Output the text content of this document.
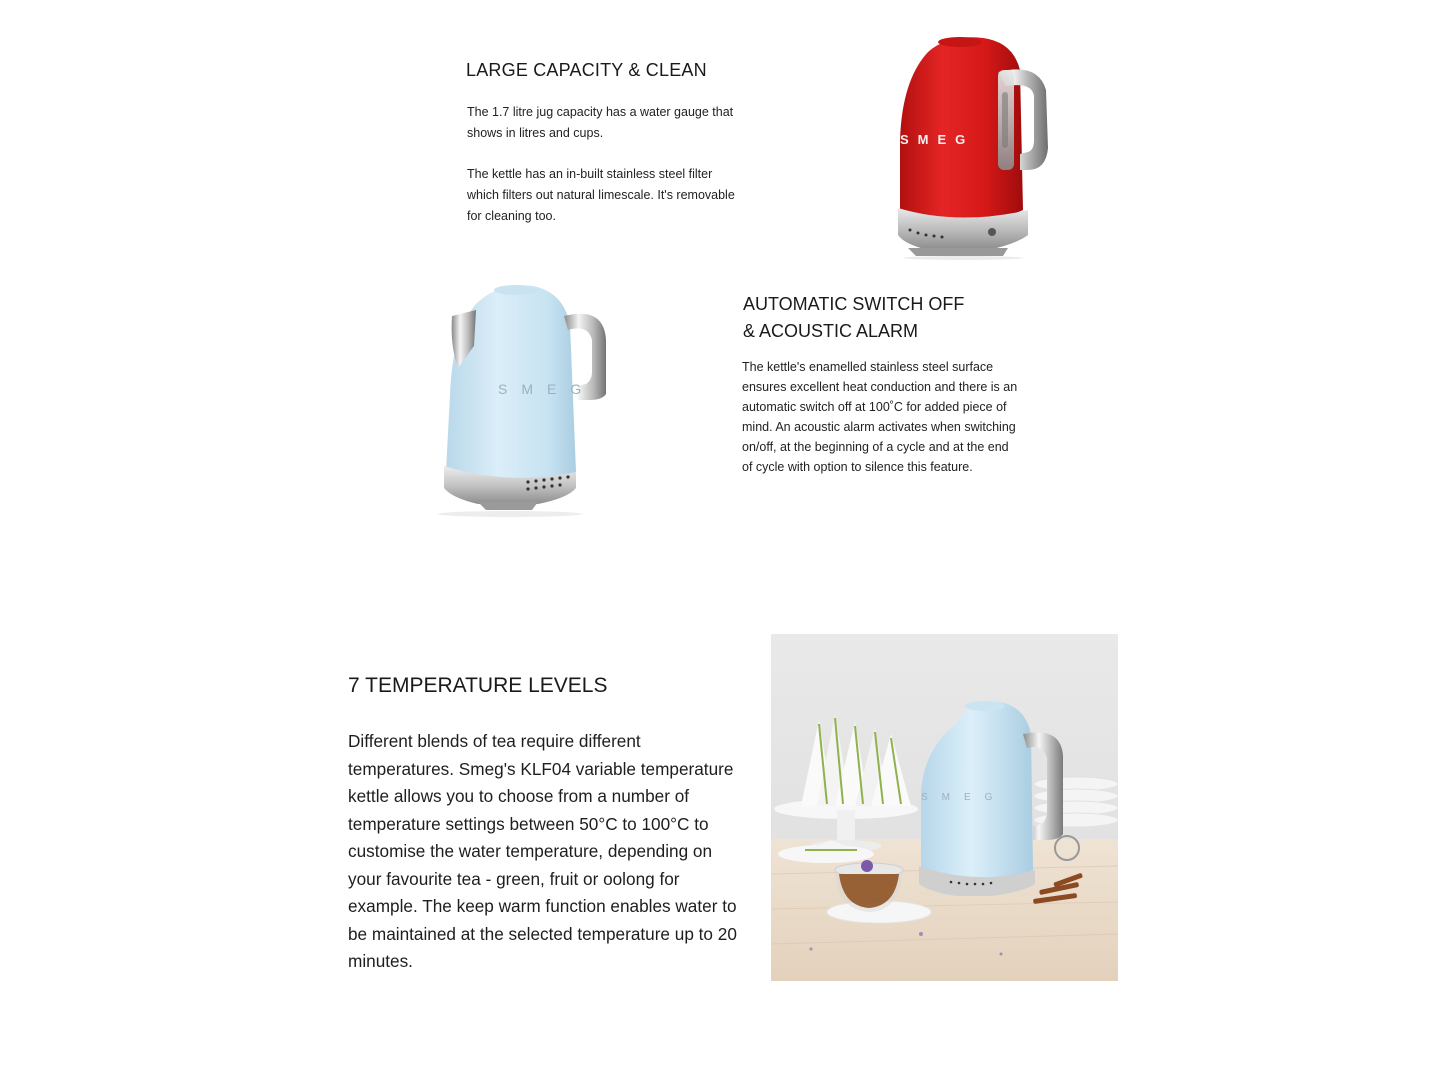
LARGE CAPACITY & CLEAN

The 1.7 litre jug capacity has a water gauge that shows in litres and cups.

The kettle has an in-built stainless steel filter which filters out natural limescale. It's removable for cleaning too.

SMEG
AUTOMATIC SWITCH OFF
& ACOUSTIC ALARM

The kettle's enamelled stainless steel surface ensures excellent heat conduction and there is an automatic switch off at 100˚C for added piece of mind. An acoustic alarm activates when switching on/off, at the beginning of a cycle and at the end of cycle with option to silence this feature.

SMEG
7 TEMPERATURE LEVELS

Different blends of tea require different temperatures. Smeg's KLF04 variable temperature kettle allows you to choose from a number of temperature settings between 50°C to 100°C to customise the water temperature, depending on your favourite tea - green, fruit or oolong for example. The keep warm function enables water to be maintained at the selected temperature up to 20 minutes.

SMEG
